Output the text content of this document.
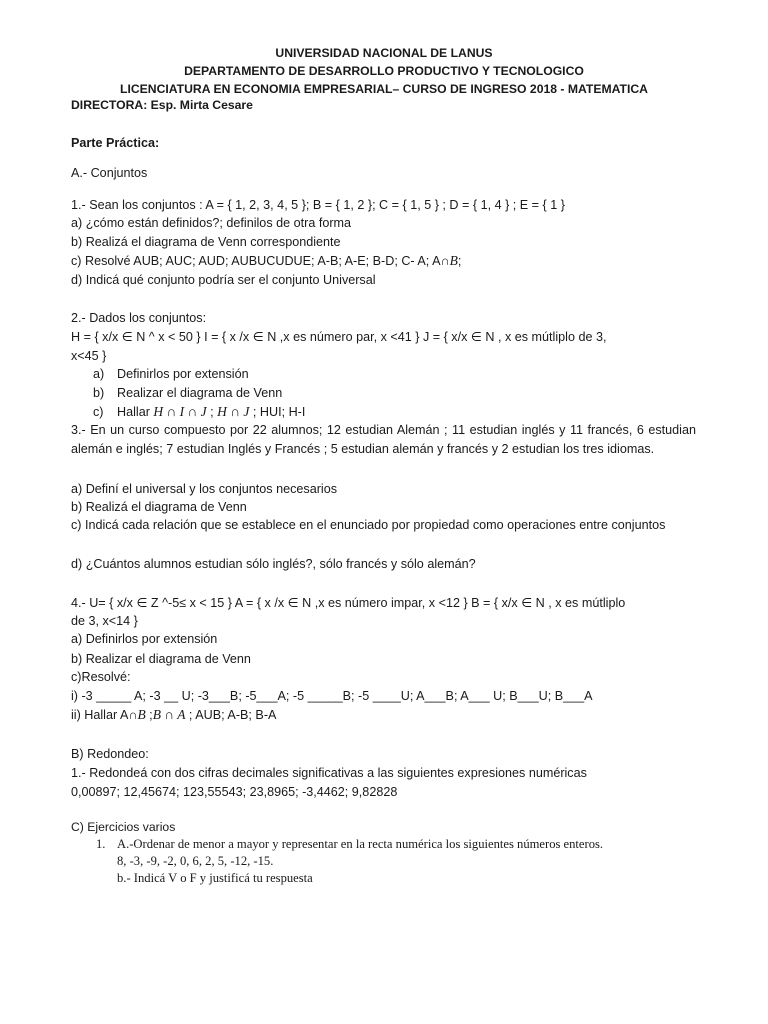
UNIVERSIDAD NACIONAL DE LANUS
DEPARTAMENTO DE DESARROLLO PRODUCTIVO Y TECNOLOGICO
LICENCIATURA EN ECONOMIA EMPRESARIAL– CURSO DE INGRESO 2018 - MATEMATICA
DIRECTORA: Esp. Mirta Cesare
Parte Práctica:
A.- Conjuntos
1.- Sean los conjuntos : A = { 1, 2, 3, 4, 5 }; B = { 1, 2 }; C = { 1, 5 } ; D = { 1, 4 } ; E = { 1 }
a) ¿cómo están definidos?; definilos de otra forma
b) Realizá el diagrama de Venn correspondiente
c) Resolvé AUB; AUC; AUD; AUBUCUDUE; A-B; A-E; B-D; C- A; A∩B;
d) Indicá qué conjunto podría ser el conjunto Universal
2.- Dados los conjuntos:
H = { x/x ∈ N ^ x < 50 } I = { x /x ∈ N ,x es número par, x <41 } J = { x/x ∈ N , x es mútliplo de 3,
x<45 }
a) Definirlos por extensión
b) Realizar el diagrama de Venn
c) Hallar H ∩ I ∩ J ; H ∩ J ; HUI; H-I
3.- En un curso compuesto por 22 alumnos; 12 estudian Alemán ; 11 estudian inglés y 11 francés, 6 estudian alemán e inglés; 7 estudian Inglés y Francés ; 5 estudian alemán y francés y 2 estudian los tres idiomas.
a) Definí el universal y los conjuntos necesarios
b) Realizá el diagrama de Venn
c) Indicá cada relación que se establece en el enunciado por propiedad como operaciones entre conjuntos
d) ¿Cuántos alumnos estudian sólo inglés?, sólo francés y sólo alemán?
4.- U= { x/x ∈ Z ^-5≤ x < 15 } A = { x /x ∈ N ,x es número impar, x <12 } B = { x/x ∈ N , x es mútliplo
de 3, x<14 }
a) Definirlos por extensión
b) Realizar el diagrama de Venn
c)Resolvé:
i) -3 _____ A; -3 __ U; -3___B; -5___A; -5 _____B; -5 ____U; A___B; A___ U; B___U; B___A
ii) Hallar A∩B ;B ∩ A ; AUB; A-B; B-A
B) Redondeo:
1.- Redondeá con dos cifras decimales significativas a las siguientes expresiones numéricas
0,00897; 12,45674; 123,55543; 23,8965; -3,4462; 9,82828
C) Ejercicios varios
1. A.-Ordenar de menor a mayor y representar en la recta numérica los siguientes números enteros.
8, -3, -9, -2, 0, 6, 2, 5, -12, -15.
b.- Indicá V o F y justificá tu respuesta
